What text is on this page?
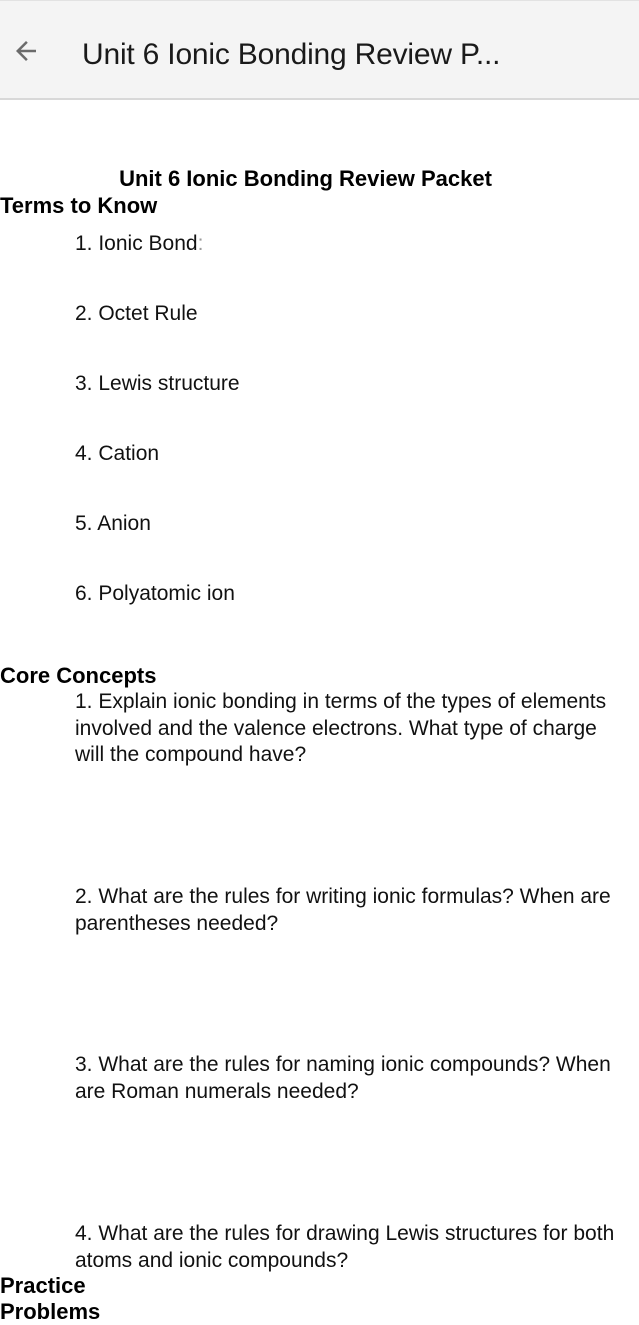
Unit 6 Ionic Bonding Review P...
Unit 6 Ionic Bonding Review Packet
Terms to Know
1. Ionic Bond:
2. Octet Rule
3. Lewis structure
4. Cation
5. Anion
6. Polyatomic ion
Core Concepts
1. Explain ionic bonding in terms of the types of elements involved and the valence electrons. What type of charge will the compound have?
2. What are the rules for writing ionic formulas? When are parentheses needed?
3. What are the rules for naming ionic compounds? When are Roman numerals needed?
4. What are the rules for drawing Lewis structures for both atoms and ionic compounds?
Practice Problems
